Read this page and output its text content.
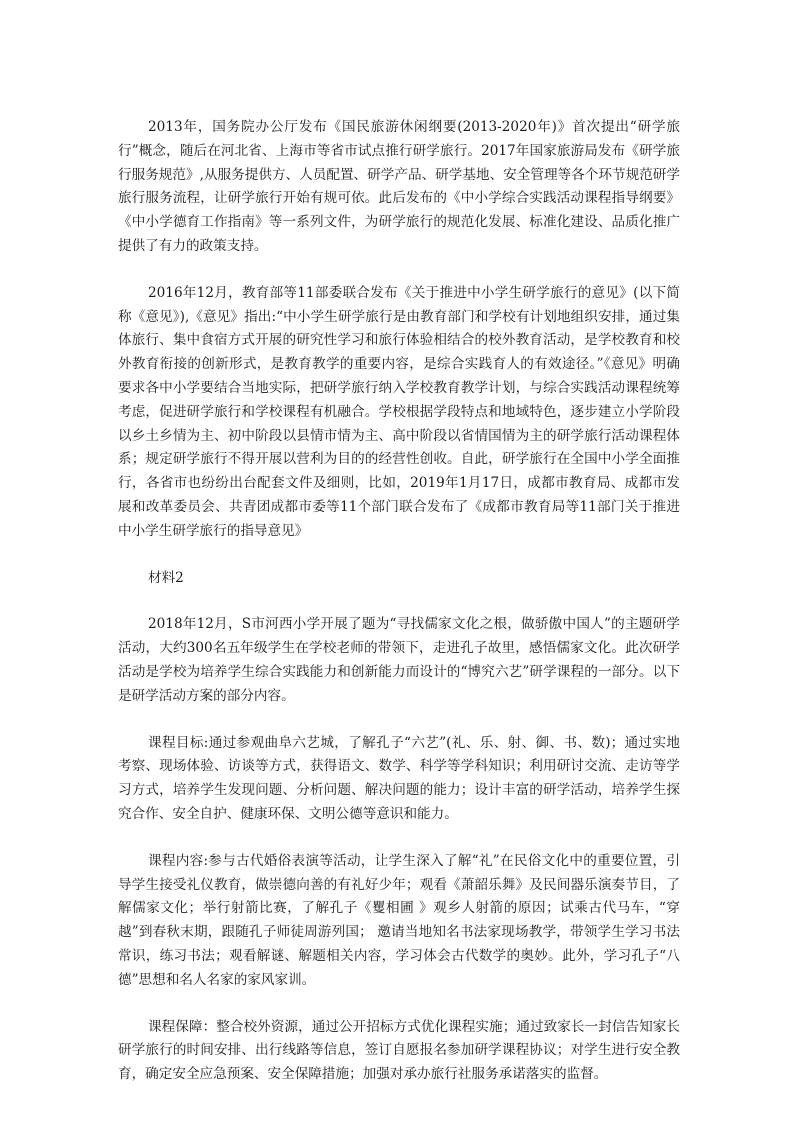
2013年，国务院办公厅发布《国民旅游休闲纲要(2013-2020年)》首次提出“研学旅行”概念，随后在河北省、上海市等省市试点推行研学旅行。2017年国家旅游局发布《研学旅行服务规范》,从服务提供方、人员配置、研学产品、研学基地、安全管理等各个环节规范研学旅行服务流程，让研学旅行开始有规可依。此后发布的《中小学综合实践活动课程指导纲要》《中小学德育工作指南》等一系列文件，为研学旅行的规范化发展、标准化建设、品质化推广提供了有力的政策支持。

2016年12月，教育部等11部委联合发布《关于推进中小学生研学旅行的意见》(以下简称《意见》),《意见》指出:“中小学生研学旅行是由教育部门和学校有计划地组织安排，通过集体旅行、集中食宿方式开展的研究性学习和旅行体验相结合的校外教育活动，是学校教育和校外教育衔接的创新形式，是教育教学的重要内容，是综合实践育人的有效途径。”《意见》明确要求各中小学要结合当地实际，把研学旅行纳入学校教育教学计划，与综合实践活动课程统筹考虑，促进研学旅行和学校课程有机融合。学校根据学段特点和地域特色，逐步建立小学阶段以乡土乡情为主、初中阶段以县情市情为主、高中阶段以省情国情为主的研学旅行活动课程体系；规定研学旅行不得开展以营利为目的的经营性创收。自此，研学旅行在全国中小学全面推行，各省市也纷纷出台配套文件及细则，比如，2019年1月17日，成都市教育局、成都市发展和改革委员会、共青团成都市委等11个部门联合发布了《成都市教育局等11部门关于推进中小学生研学旅行的指导意见》

材料2

2018年12月，S市河西小学开展了题为“寻找儒家文化之根，做骄傲中国人”的主题研学活动，大约300名五年级学生在学校老师的带领下，走进孔子故里，感悟儒家文化。此次研学活动是学校为培养学生综合实践能力和创新能力而设计的“博究六艺”研学课程的一部分。以下是研学活动方案的部分内容。

课程目标:通过参观曲阜六艺城，了解孔子“六艺”(礼、乐、射、御、书、数)；通过实地考察、现场体验、访谈等方式，获得语文、数学、科学等学科知识；利用研讨交流、走访等学习方式，培养学生发现问题、分析问题、解决问题的能力；设计丰富的研学活动，培养学生探究合作、安全自护、健康环保、文明公德等意识和能力。

课程内容:参与古代婚俗表演等活动，让学生深入了解“礼”在民俗文化中的重要位置，引导学生接受礼仪教育，做崇德向善的有礼好少年；观看《萧韶乐舞》及民间器乐演奏节目，了解儒家文化；举行射箭比赛，了解孔子《矍相圃 》观乡人射箭的原因；试乘古代马车，“穿越”到春秋末期，跟随孔子师徒周游列国； 邀请当地知名书法家现场教学，带领学生学习书法常识，练习书法；观看解谜、解题相关内容，学习体会古代数学的奥妙。此外，学习孔子“八德”思想和名人名家的家风家训。

课程保障：整合校外资源，通过公开招标方式优化课程实施；通过致家长一封信告知家长研学旅行的时间安排、出行线路等信息，签订自愿报名参加研学课程协议；对学生进行安全教育，确定安全应急预案、安全保障措施；加强对承办旅行社服务承诺落实的监督。
